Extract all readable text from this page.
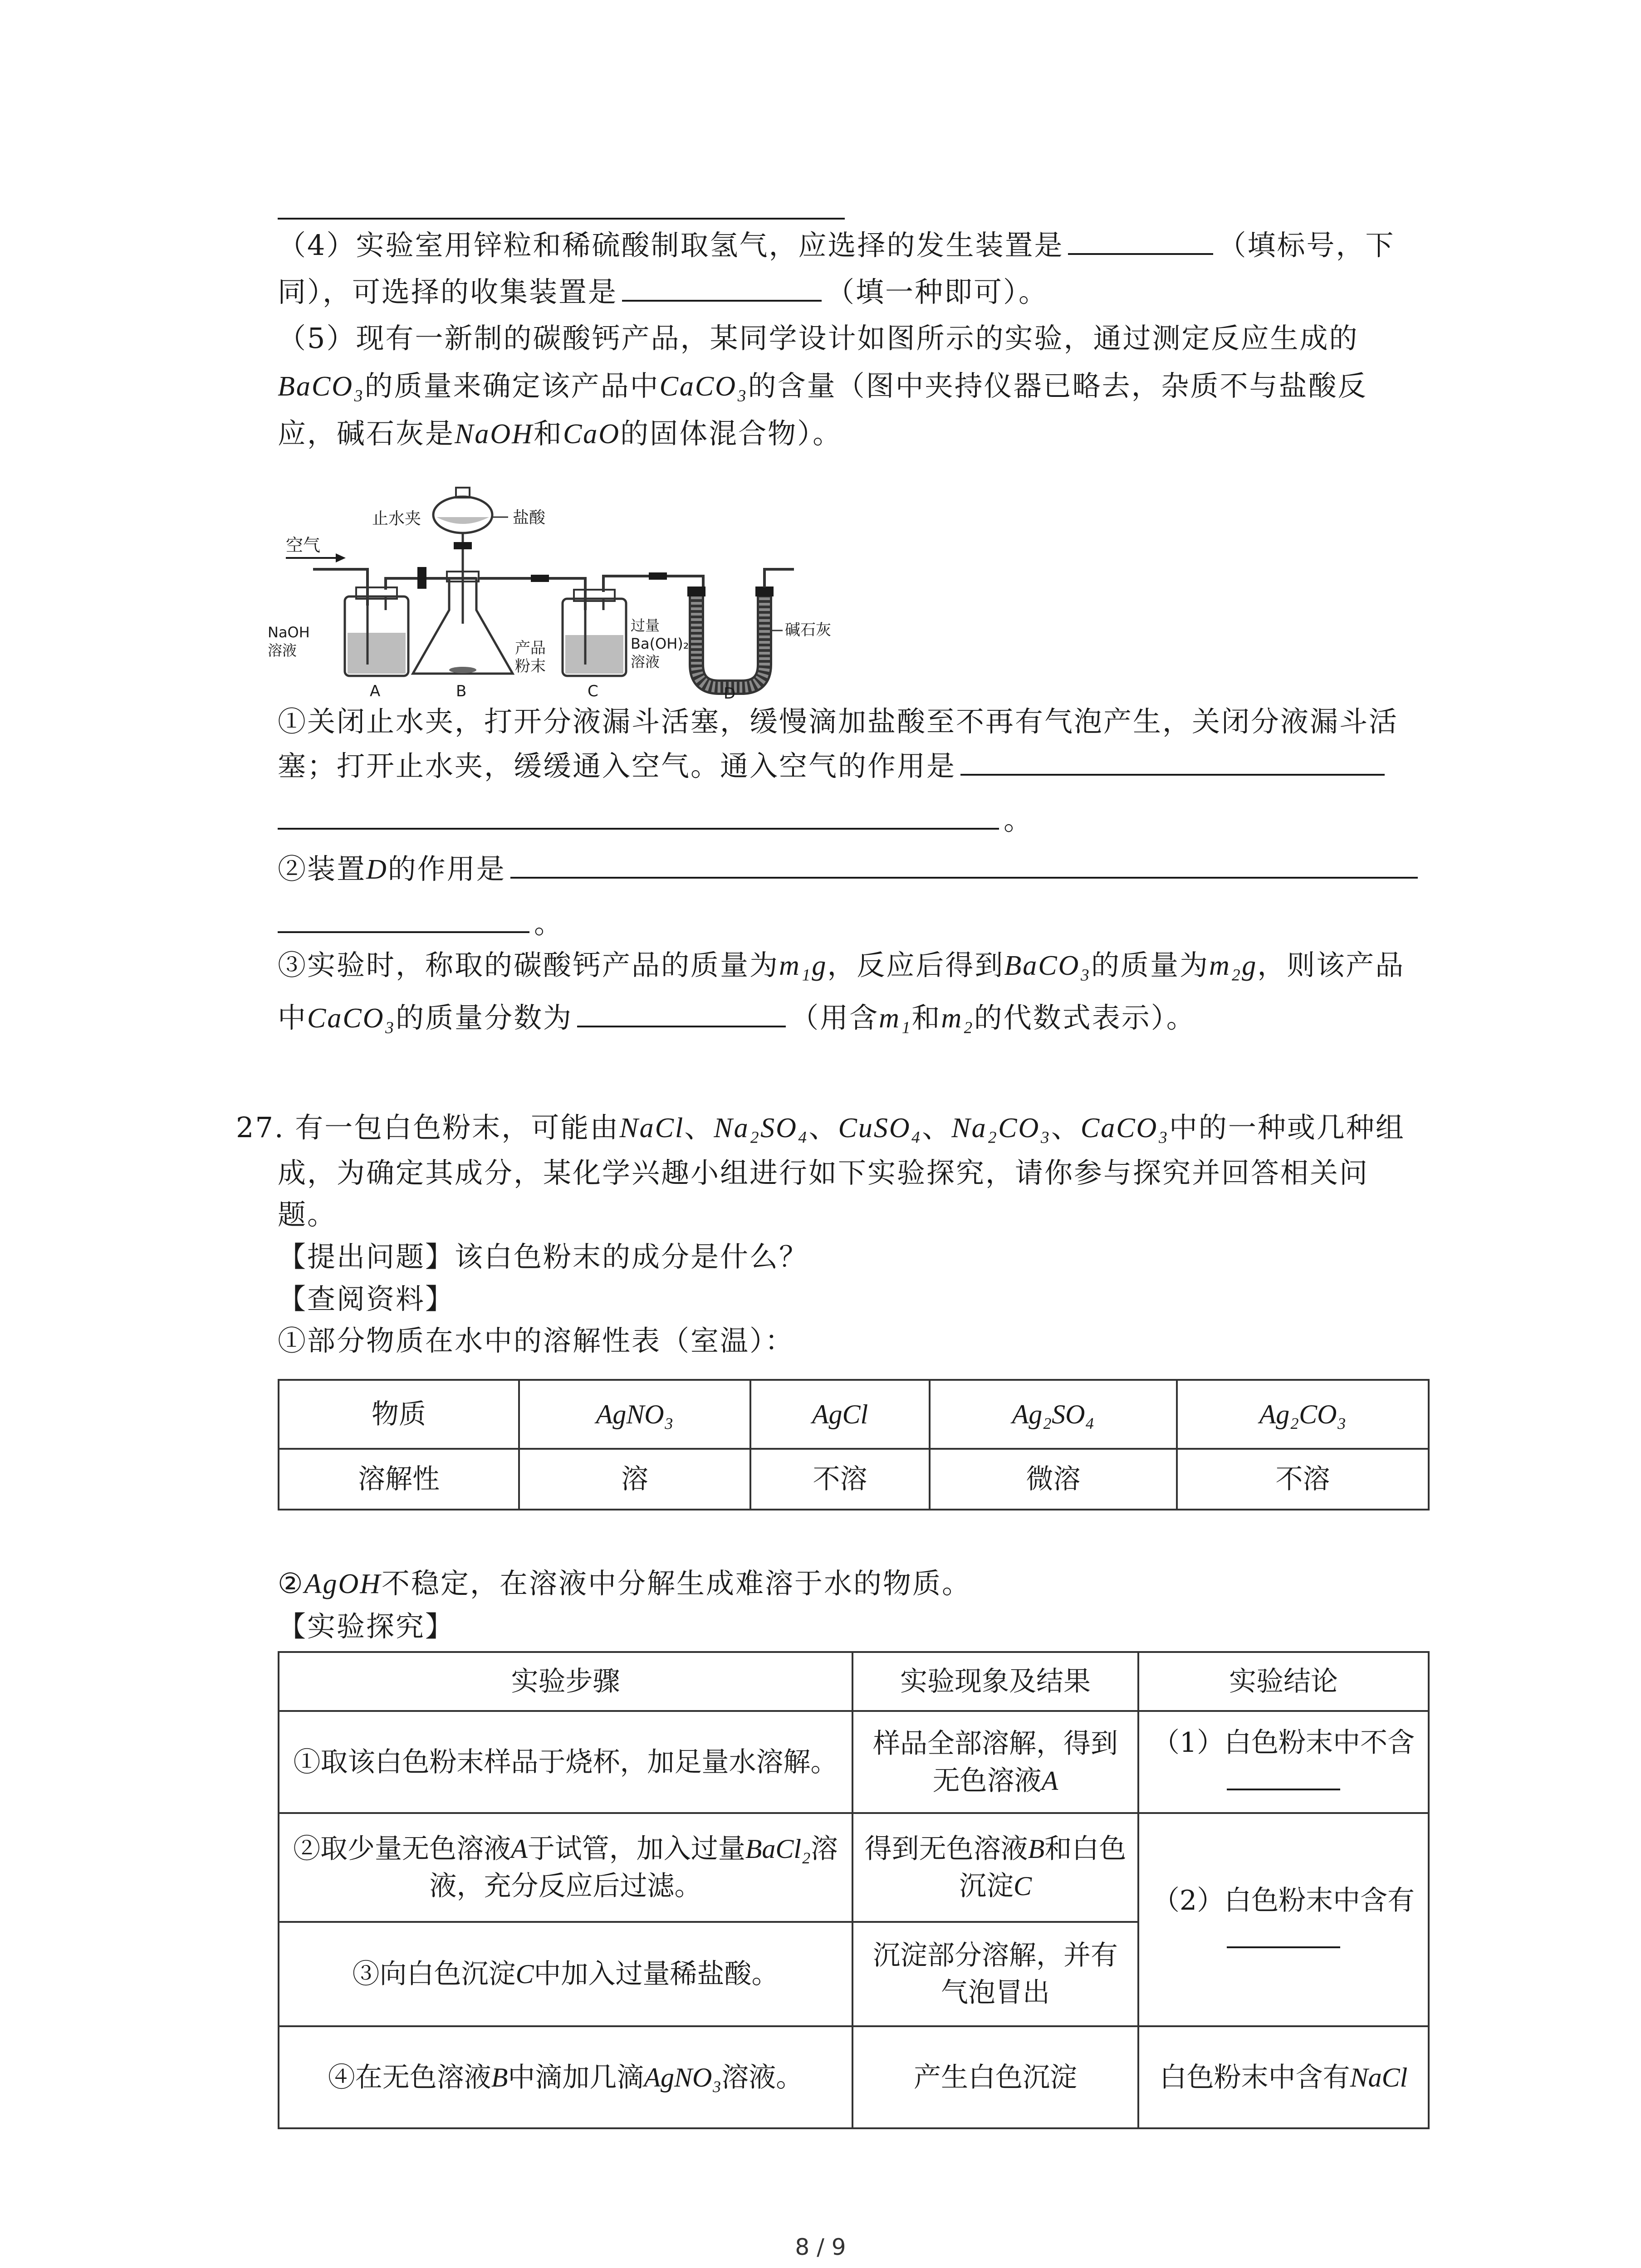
（4）实验室用锌粒和稀硫酸制取氢气，应选择的发生装置是	（填标号，下
同），可选择的收集装置是	（填一种即可）。
（5）现有一新制的碳酸钙产品，某同学设计如图所示的实验，通过测定反应生成的
BaCO₃的质量来确定该产品中CaCO₃的含量（图中夹持仪器已略去，杂质不与盐酸反
应，碱石灰是NaOH和CaO的固体混合物）。
空气
NaOH
溶液
A
止水夹	盐酸
产品
粉末
B
过量
Ba(OH)₂
溶液
C
碱石灰
D
①关闭止水夹，打开分液漏斗活塞，缓慢滴加盐酸至不再有气泡产生，关闭分液漏斗活
塞；打开止水夹，缓缓通入空气。通入空气的作用是
。
②装置D的作用是
。
③实验时，称取的碳酸钙产品的质量为m₁g，反应后得到BaCO₃的质量为m₂g，则该产品
中CaCO₃的质量分数为	（用含m₁和m₂的代数式表示）。
27. 有一包白色粉末，可能由NaCl、Na₂SO₄、CuSO₄、Na₂CO₃、CaCO₃中的一种或几种组
成，为确定其成分，某化学兴趣小组进行如下实验探究，请你参与探究并回答相关问
题。
【提出问题】该白色粉末的成分是什么？
【查阅资料】
①部分物质在水中的溶解性表（室温）：
物质	AgNO₃	AgCl	Ag₂SO₄	Ag₂CO₃
溶解性	溶	不溶	微溶	不溶
②AgOH不稳定，在溶液中分解生成难溶于水的物质。
【实验探究】
实验步骤	实验现象及结果	实验结论
①取该白色粉末样品于烧杯，加足量水溶解。	样品全部溶解，得到无色溶液A	（1）白色粉末中不含
②取少量无色溶液A于试管，加入过量BaCl₂溶液，充分反应后过滤。	得到无色溶液B和白色沉淀C	（2）白色粉末中含有
③向白色沉淀C中加入过量稀盐酸。	沉淀部分溶解，并有气泡冒出	
④在无色溶液B中滴加几滴AgNO₃溶液。	产生白色沉淀	白色粉末中含有NaCl
8 / 9
